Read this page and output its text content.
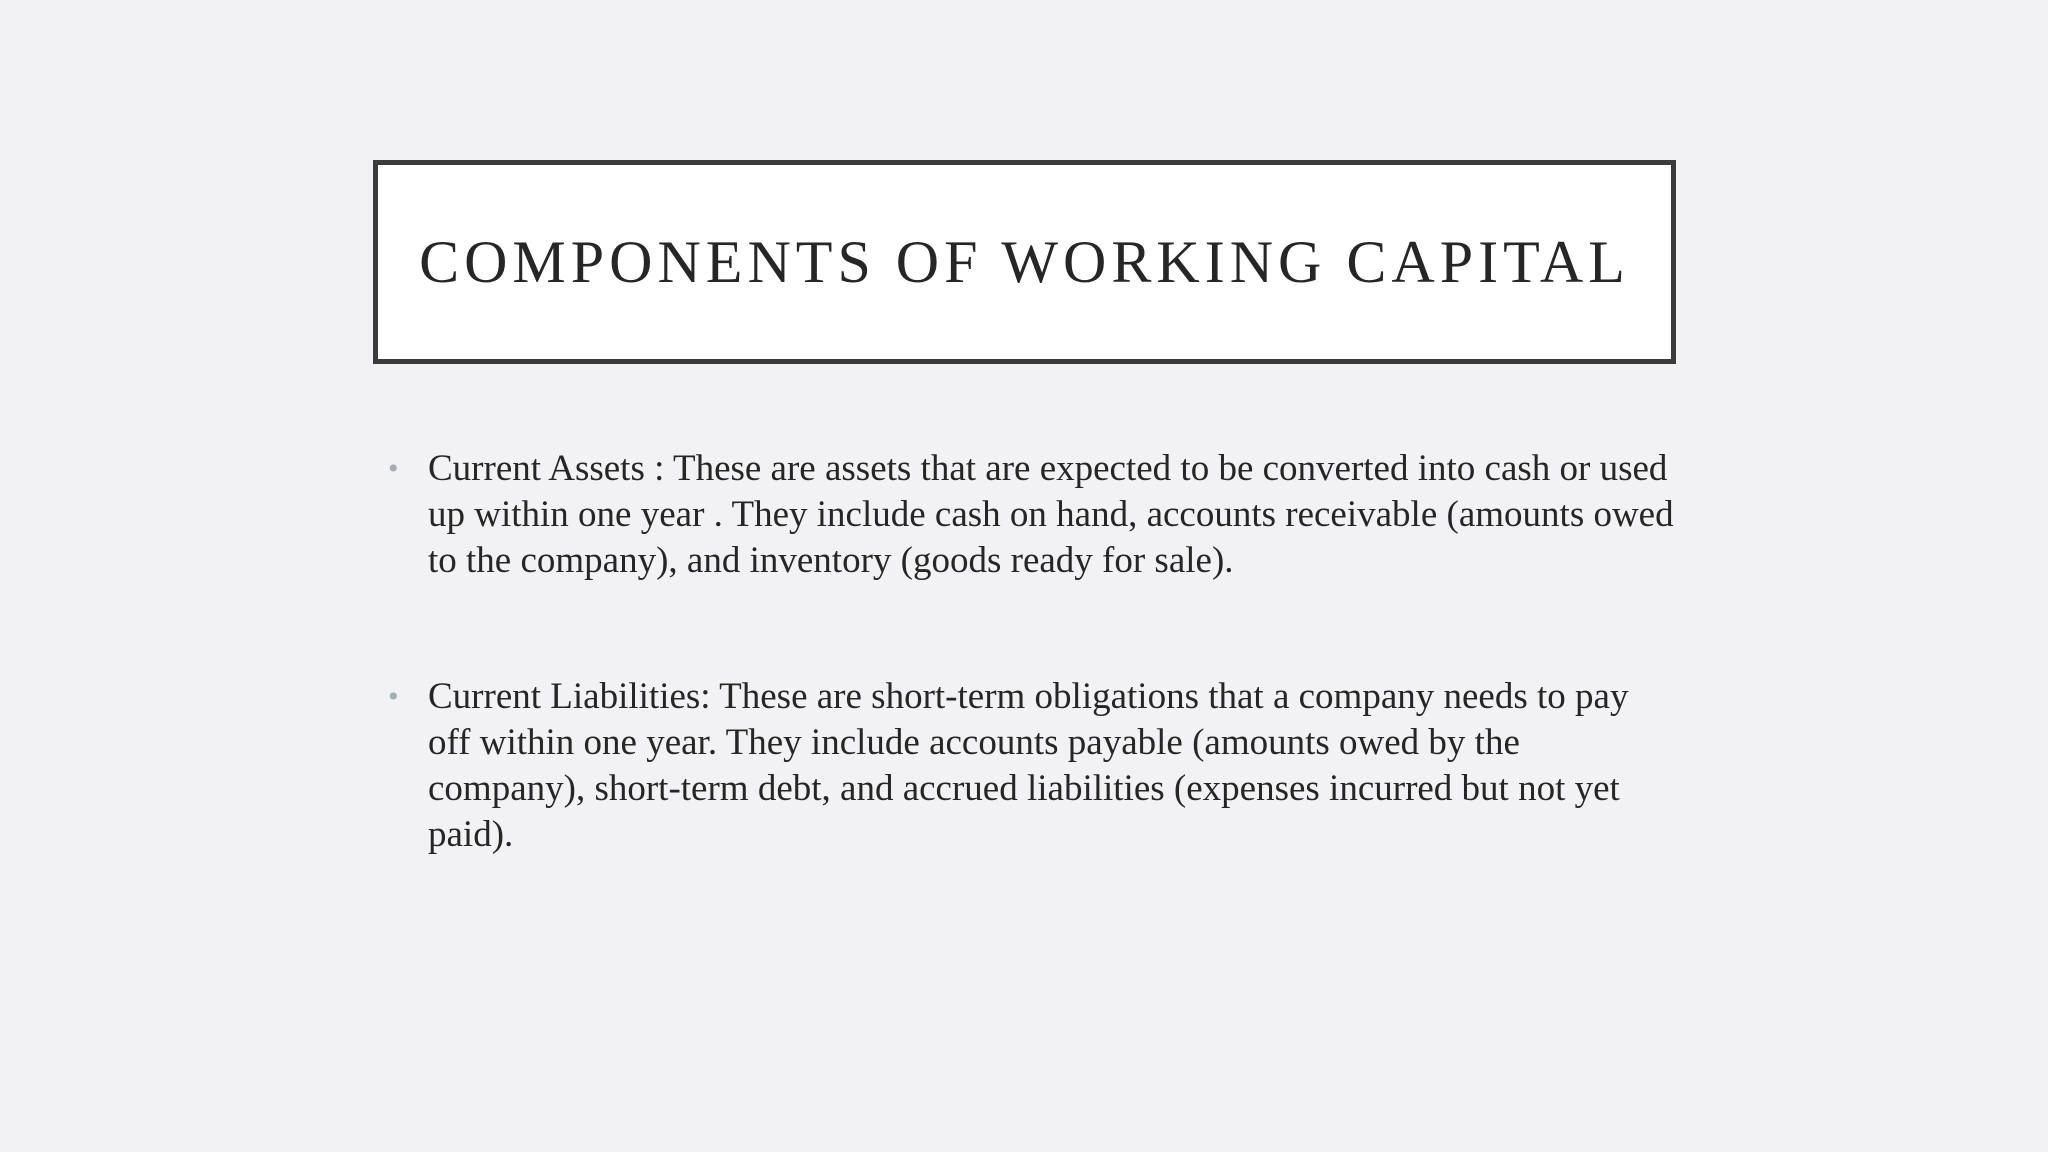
COMPONENTS OF WORKING CAPITAL
• Current Assets : These are assets that are expected to be converted into cash or used up within one year . They include cash on hand, accounts receivable (amounts owed to the company), and inventory (goods ready for sale).
• Current Liabilities: These are short-term obligations that a company needs to pay off within one year. They include accounts payable (amounts owed by the company), short-term debt, and accrued liabilities (expenses incurred but not yet paid).
